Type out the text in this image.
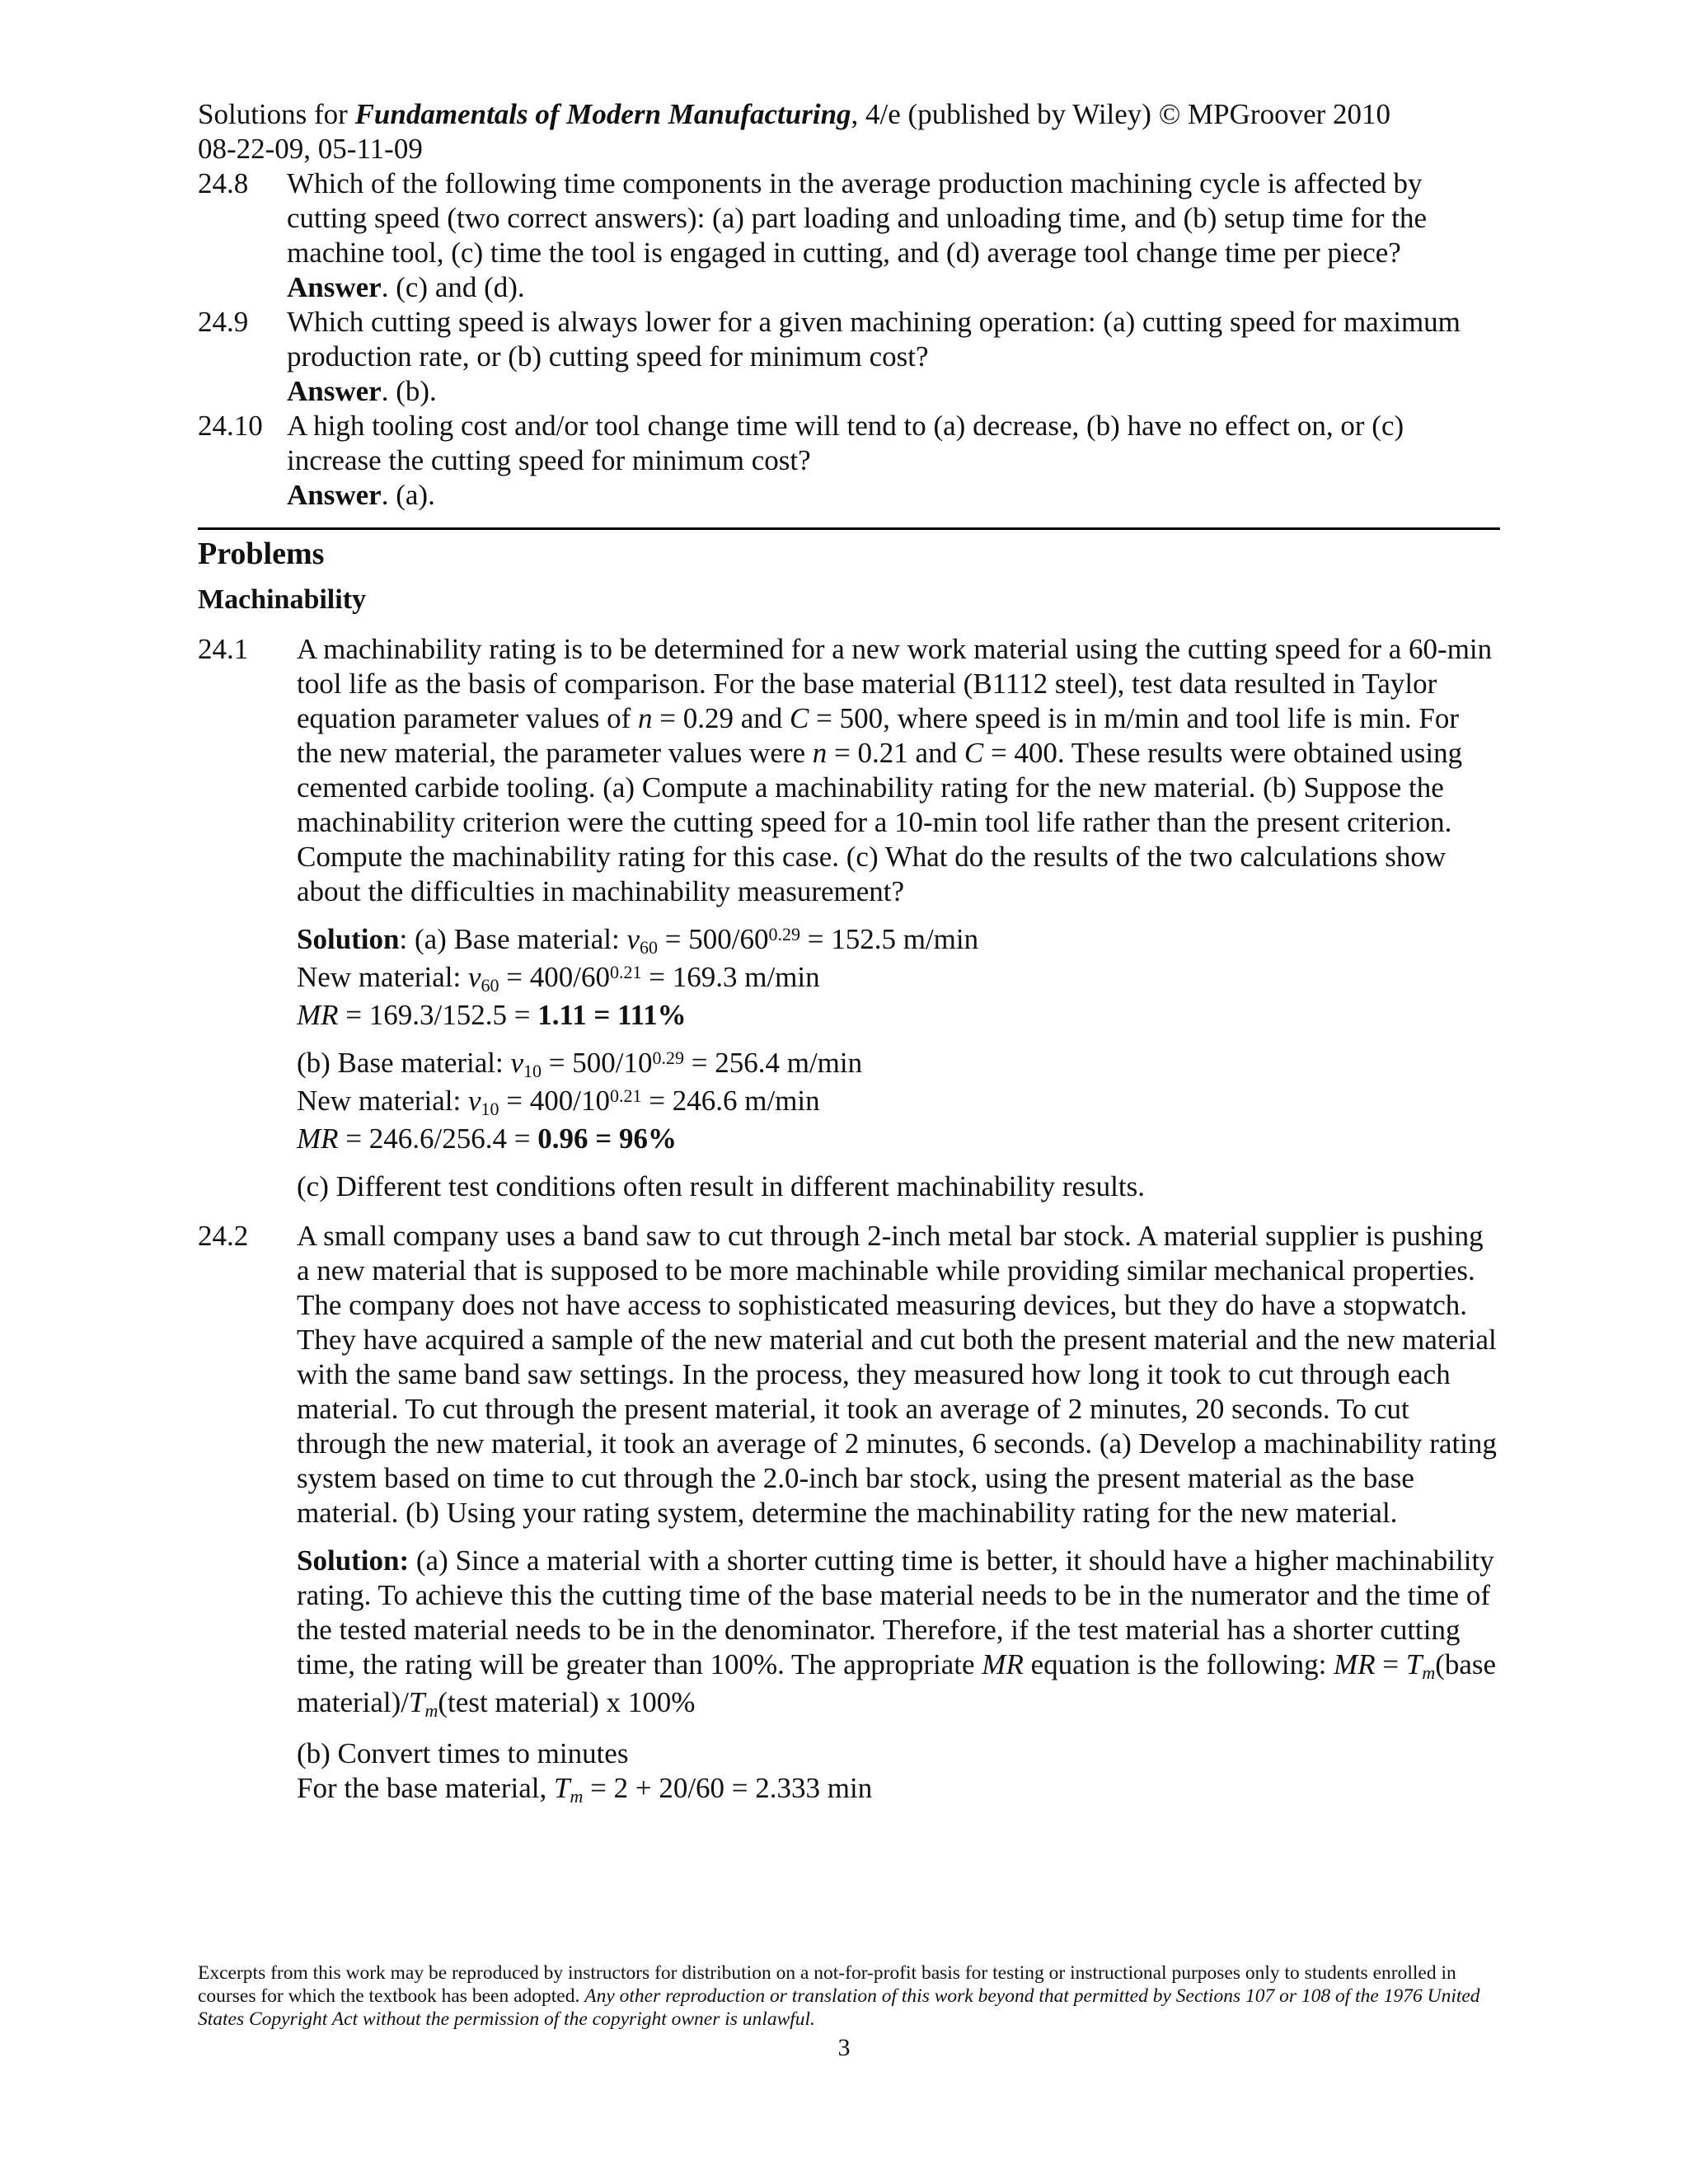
Solutions for Fundamentals of Modern Manufacturing, 4/e (published by Wiley) © MPGroover 2010

08-22-09, 05-11-09

24.8	Which of the following time components in the average production machining cycle is affected by cutting speed (two correct answers): (a) part loading and unloading time, and (b) setup time for the machine tool, (c) time the tool is engaged in cutting, and (d) average tool change time per piece?

Answer. (c) and (d).

24.9	Which cutting speed is always lower for a given machining operation: (a) cutting speed for maximum production rate, or (b) cutting speed for minimum cost?

Answer. (b).

24.10 A high tooling cost and/or tool change time will tend to (a) decrease, (b) have no effect on, or (c) increase the cutting speed for minimum cost?

Answer. (a).

Problems
Machinability
24.1	A machinability rating is to be determined for a new work material using the cutting speed for a 60-min tool life as the basis of comparison. For the base material (B1112 steel), test data resulted in Taylor equation parameter values of n = 0.29 and C = 500, where speed is in m/min and tool life is min. For the new material, the parameter values were n = 0.21 and C = 400. These results were obtained using cemented carbide tooling. (a) Compute a machinability rating for the new material. (b) Suppose the machinability criterion were the cutting speed for a 10-min tool life rather than the present criterion. Compute the machinability rating for this case. (c) What do the results of the two calculations show about the difficulties in machinability measurement?

Solution: (a) Base material: $v_{60} = 500/60^{0.29} = 152.5$ m/min

New material: $v_{60} = 400/60^{0.21} = 169.3$ m/min

MR = 169.3/152.5 = 1.11 = 111%

(b) Base material: $v_{10} = 500/10^{0.29} = 256.4$ m/min

New material: $v_{10} = 400/10^{0.21} = 246.6$ m/min

MR = 246.6/256.4 = 0.96 = 96%

(c) Different test conditions often result in different machinability results.

24.2	A small company uses a band saw to cut through 2-inch metal bar stock. A material supplier is pushing a new material that is supposed to be more machinable while providing similar mechanical properties. The company does not have access to sophisticated measuring devices, but they do have a stopwatch. They have acquired a sample of the new material and cut both the present material and the new material with the same band saw settings. In the process, they measured how long it took to cut through each material. To cut through the present material, it took an average of 2 minutes, 20 seconds. To cut through the new material, it took an average of 2 minutes, 6 seconds. (a) Develop a machinability rating system based on time to cut through the 2.0-inch bar stock, using the present material as the base material. (b) Using your rating system, determine the machinability rating for the new material.

Solution: (a) Since a material with a shorter cutting time is better, it should have a higher machinability rating. To achieve this the cutting time of the base material needs to be in the numerator and the time of the tested material needs to be in the denominator. Therefore, if the test material has a shorter cutting time, the rating will be greater than 100%. The appropriate MR equation is the following: MR = $T_m(base$ $material)/T_m(test$ material) x 100%

(b) Convert times to minutes

For the base material, $T_m = 2 + 20/60 = 2.333$ min

Excerpts from this work may be reproduced by instructors for distribution on a not-for-profit basis for testing or instructional purposes only to students enrolled in courses for which the textbook has been adopted. Any other reproduction or translation of this work beyond that permitted by Sections 107 or 108 of the 1976 United States Copyright Act without the permission of the copyright owner is unlawful.

3
